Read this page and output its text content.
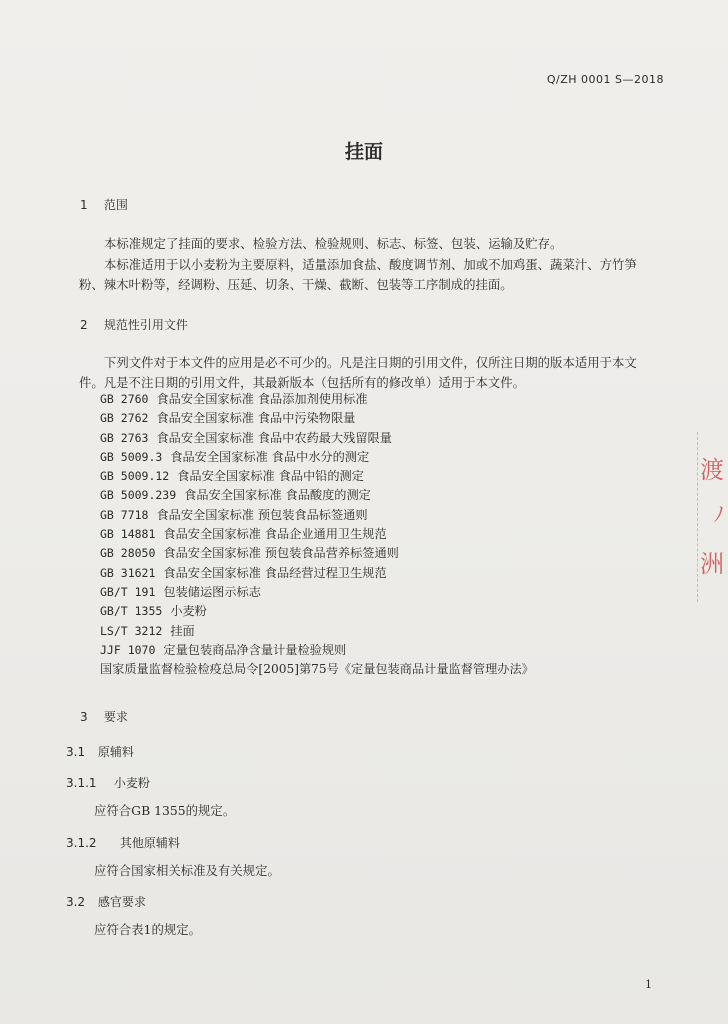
Q/ZH 0001 S—2018
挂面
1 范围
本标准规定了挂面的要求、检验方法、检验规则、标志、标签、包装、运输及贮存。
本标准适用于以小麦粉为主要原料，适量添加食盐、酸度调节剂、加或不加鸡蛋、蔬菜汁、方竹笋
粉、辣木叶粉等，经调粉、压延、切条、干燥、截断、包装等工序制成的挂面。
2 规范性引用文件
下列文件对于本文件的应用是必不可少的。凡是注日期的引用文件，仅所注日期的版本适用于本文
件。凡是不注日期的引用文件，其最新版本（包括所有的修改单）适用于本文件。
GB 2760 食品安全国家标准 食品添加剂使用标准
GB 2762 食品安全国家标准 食品中污染物限量
GB 2763 食品安全国家标准 食品中农药最大残留限量
GB 5009.3 食品安全国家标准 食品中水分的测定
GB 5009.12 食品安全国家标准 食品中铅的测定
GB 5009.239 食品安全国家标准 食品酸度的测定
GB 7718 食品安全国家标准 预包装食品标签通则
GB 14881 食品安全国家标准 食品企业通用卫生规范
GB 28050 食品安全国家标准 预包装食品营养标签通则
GB 31621 食品安全国家标准 食品经营过程卫生规范
GB/T 191 包装储运图示标志
GB/T 1355 小麦粉
LS/T 3212 挂面
JJF 1070 定量包装商品净含量计量检验规则
国家质量监督检验检疫总局令[2005]第75号《定量包装商品计量监督管理办法》
3 要求
3.1 原辅料
3.1.1 小麦粉
应符合GB 1355的规定。
3.1.2 其他原辅料
应符合国家相关标准及有关规定。
3.2 感官要求
应符合表1的规定。
1
渡
ﾉ
洲
